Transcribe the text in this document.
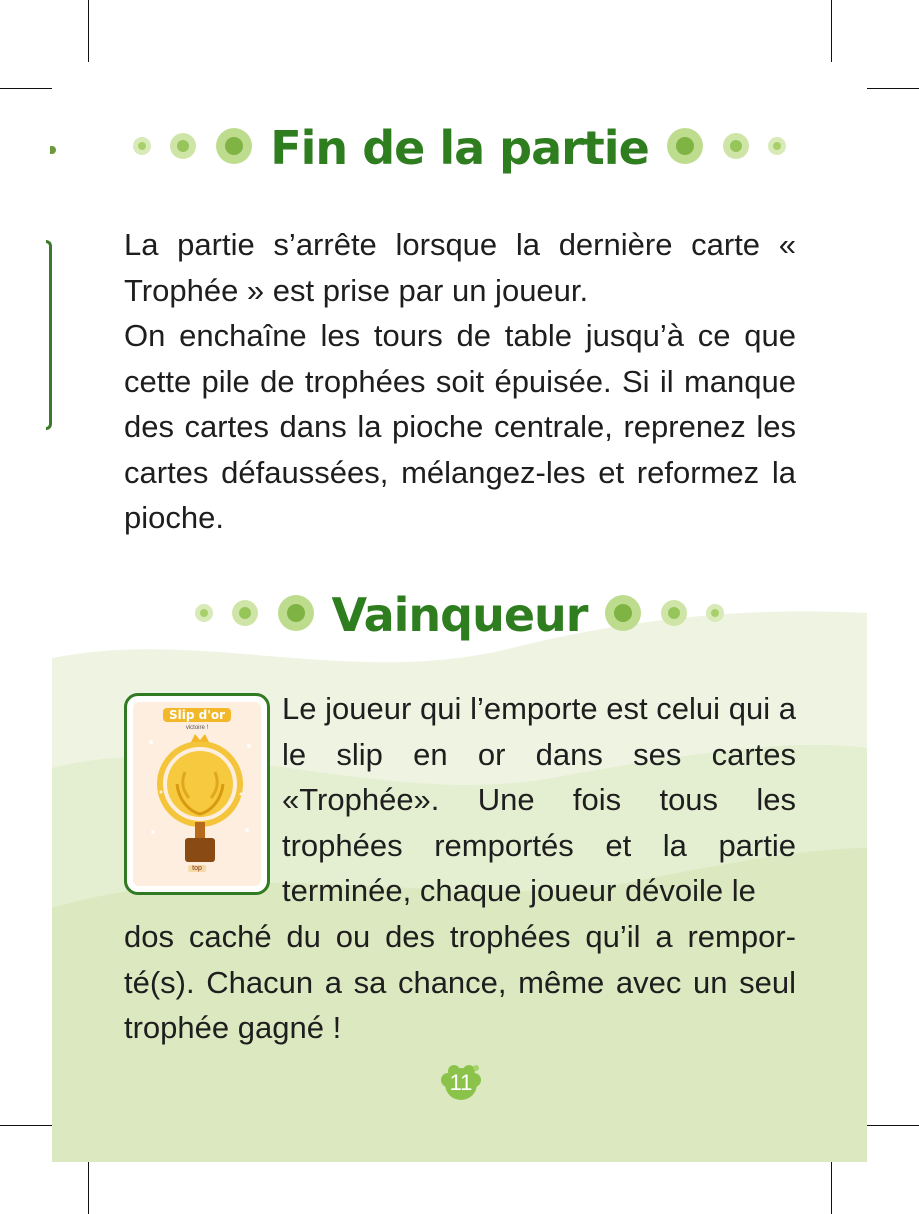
Fin de la partie

La partie s’arrête lorsque la dernière carte « Trophée » est prise par un joueur.

On enchaîne les tours de table jusqu’à ce que cette pile de trophées soit épuisée. Si il manque des cartes dans la pioche centrale, reprenez les cartes défaussées, mélangez-les et reformez la pioche.

Vainqueur
Slip d'or
victoire !
top

Le joueur qui l’emporte est celui qui a le slip en or dans ses cartes «Trophée». Une fois tous les trophées remportés et la partie terminée, chaque joueur dévoile le

dos caché du ou des trophées qu’il a rempor-té(s). Chacun a sa chance, même avec un seul trophée gagné !

11
